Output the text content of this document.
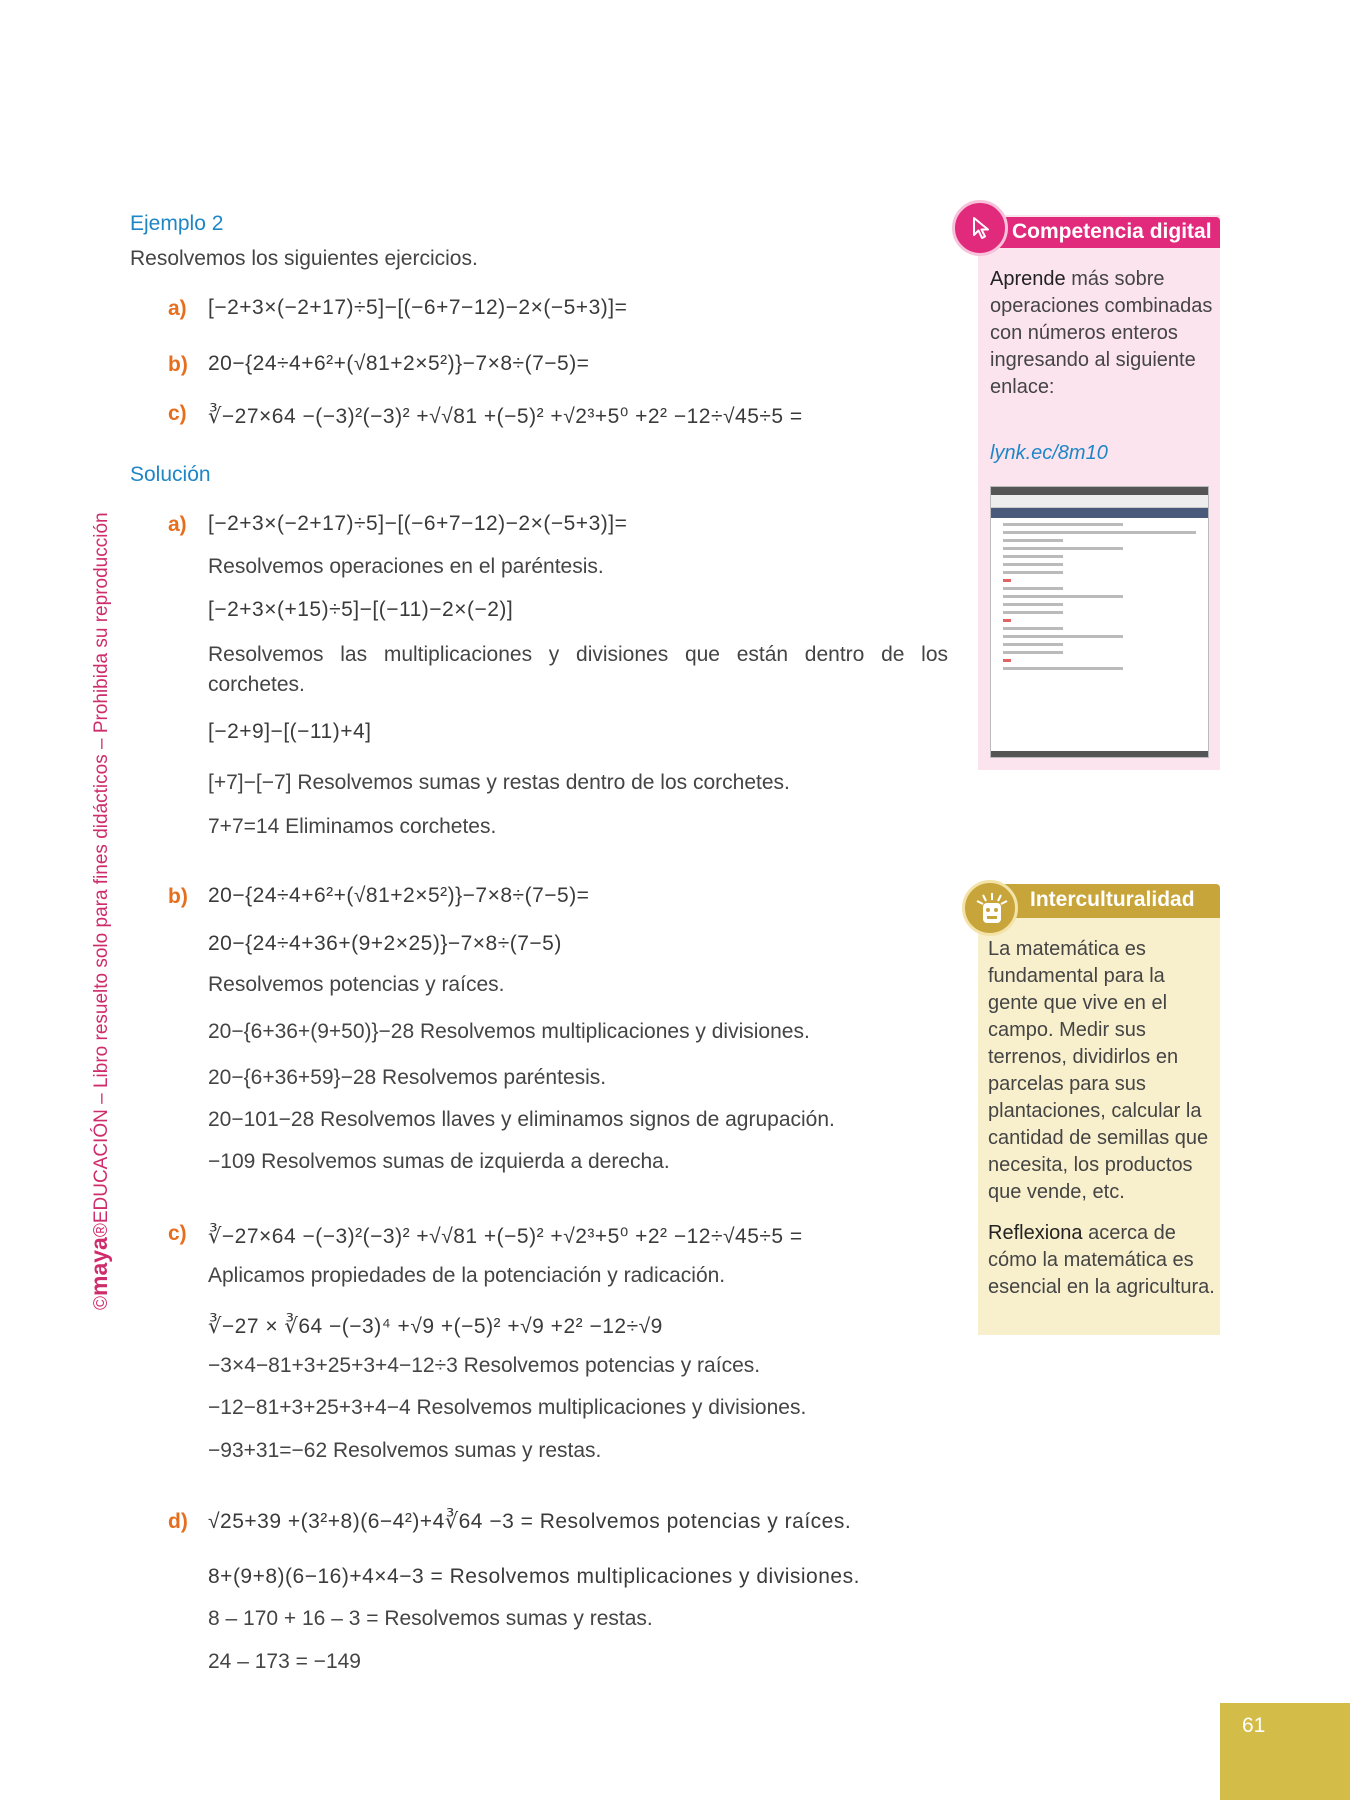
©maya®EDUCACIÓN – Libro resuelto solo para fines didácticos – Prohibida su reproducción
Ejemplo 2
Resolvemos los siguientes ejercicios.
a) [−2+3×(−2+17)÷5]−[(−6+7−12)−2×(−5+3)]=
b) 20−{24÷4+6²+(√81+2×5²)}−7×8÷(7−5)=
c) ∛−27×64 −(−3)²(−3)² +√√81 +(−5)² +√2³+5⁰ +2² −12÷√45÷5 =
Solución
a) [−2+3×(−2+17)÷5]−[(−6+7−12)−2×(−5+3)]=
Resolvemos operaciones en el paréntesis.
[−2+3×(+15)÷5]−[(−11)−2×(−2)]
Resolvemos las multiplicaciones y divisiones que están dentro de los corchetes.
[−2+9]−[(−11)+4]
[+7]−[−7] Resolvemos sumas y restas dentro de los corchetes.
7+7=14 Eliminamos corchetes.
b) 20−{24÷4+6²+(√81+2×5²)}−7×8÷(7−5)=
20−{24÷4+36+(9+2×25)}−7×8÷(7−5)
Resolvemos potencias y raíces.
20−{6+36+(9+50)}−28 Resolvemos multiplicaciones y divisiones.
20−{6+36+59}−28 Resolvemos paréntesis.
20−101−28 Resolvemos llaves y eliminamos signos de agrupación.
−109 Resolvemos sumas de izquierda a derecha.
c) ∛−27×64 −(−3)²(−3)² +√√81 +(−5)² +√2³+5⁰ +2² −12÷√45÷5 =
Aplicamos propiedades de la potenciación y radicación.
∛−27 × ∛64 −(−3)⁴ +√9 +(−5)² +√9 +2² −12÷√9
−3×4−81+3+25+3+4−12÷3 Resolvemos potencias y raíces.
−12−81+3+25+3+4−4 Resolvemos multiplicaciones y divisiones.
−93+31=−62 Resolvemos sumas y restas.
d) √25+39 +(3²+8)(6−4²)+4∛64 −3 = Resolvemos potencias y raíces.
8+(9+8)(6−16)+4×4−3 = Resolvemos multiplicaciones y divisiones.
8 – 170 + 16 – 3 = Resolvemos sumas y restas.
24 – 173 = −149
Competencia digital
Aprende más sobre operaciones combinadas con números enteros ingresando al siguiente enlace:
lynk.ec/8m10
Interculturalidad
La matemática es fundamental para la gente que vive en el campo. Medir sus terrenos, dividirlos en parcelas para sus plantaciones, calcular la cantidad de semillas que necesita, los productos que vende, etc.
Reflexiona acerca de cómo la matemática es esencial en la agricultura.
61
